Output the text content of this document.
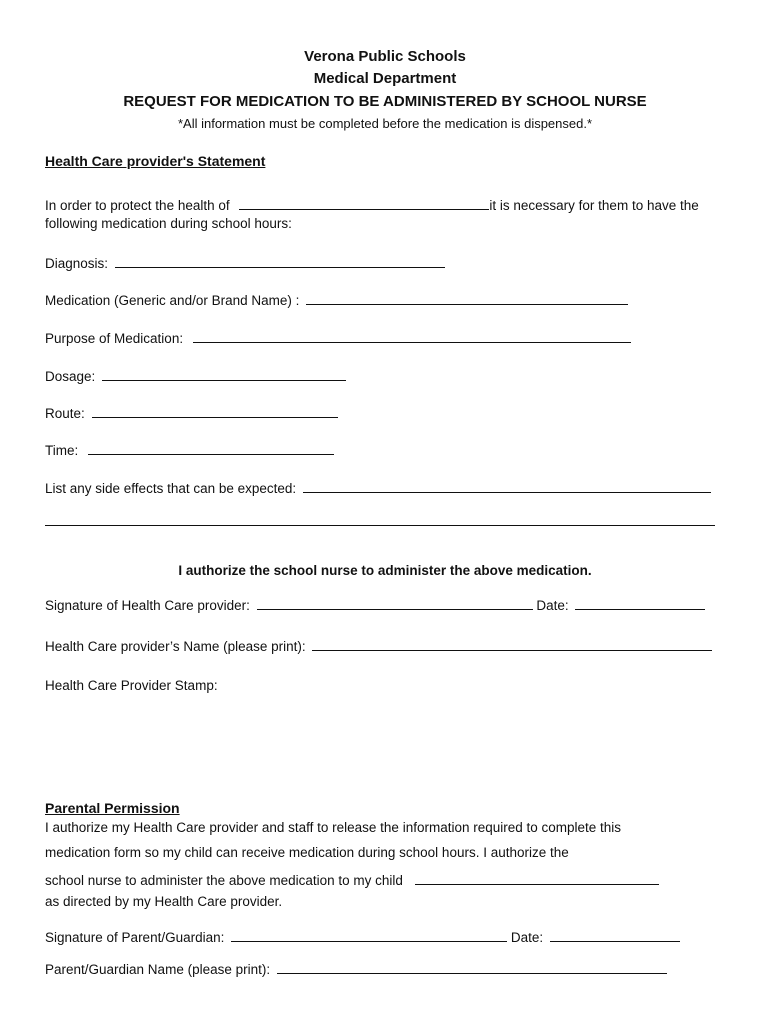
Verona Public Schools
Medical Department
REQUEST FOR MEDICATION TO BE ADMINISTERED BY SCHOOL NURSE
*All information must be completed before the medication is dispensed.*
Health Care provider's Statement
In order to protect the health of	it is necessary for them to have the
following medication during school hours:
Diagnosis:
Medication (Generic and/or Brand Name) :
Purpose of Medication:
Dosage:
Route:
Time:
List any side effects that can be expected:
I authorize the school nurse to administer the above medication.
Signature of Health Care provider:	Date:
Health Care provider’s Name (please print):
Health Care Provider Stamp:
Parental Permission
I authorize my Health Care provider and staff to release the information required to complete this
medication form so my child can receive medication during school hours. I authorize the
school nurse to administer the above medication to my child
as directed by my Health Care provider.
Signature of Parent/Guardian:	Date:
Parent/Guardian Name (please print):
